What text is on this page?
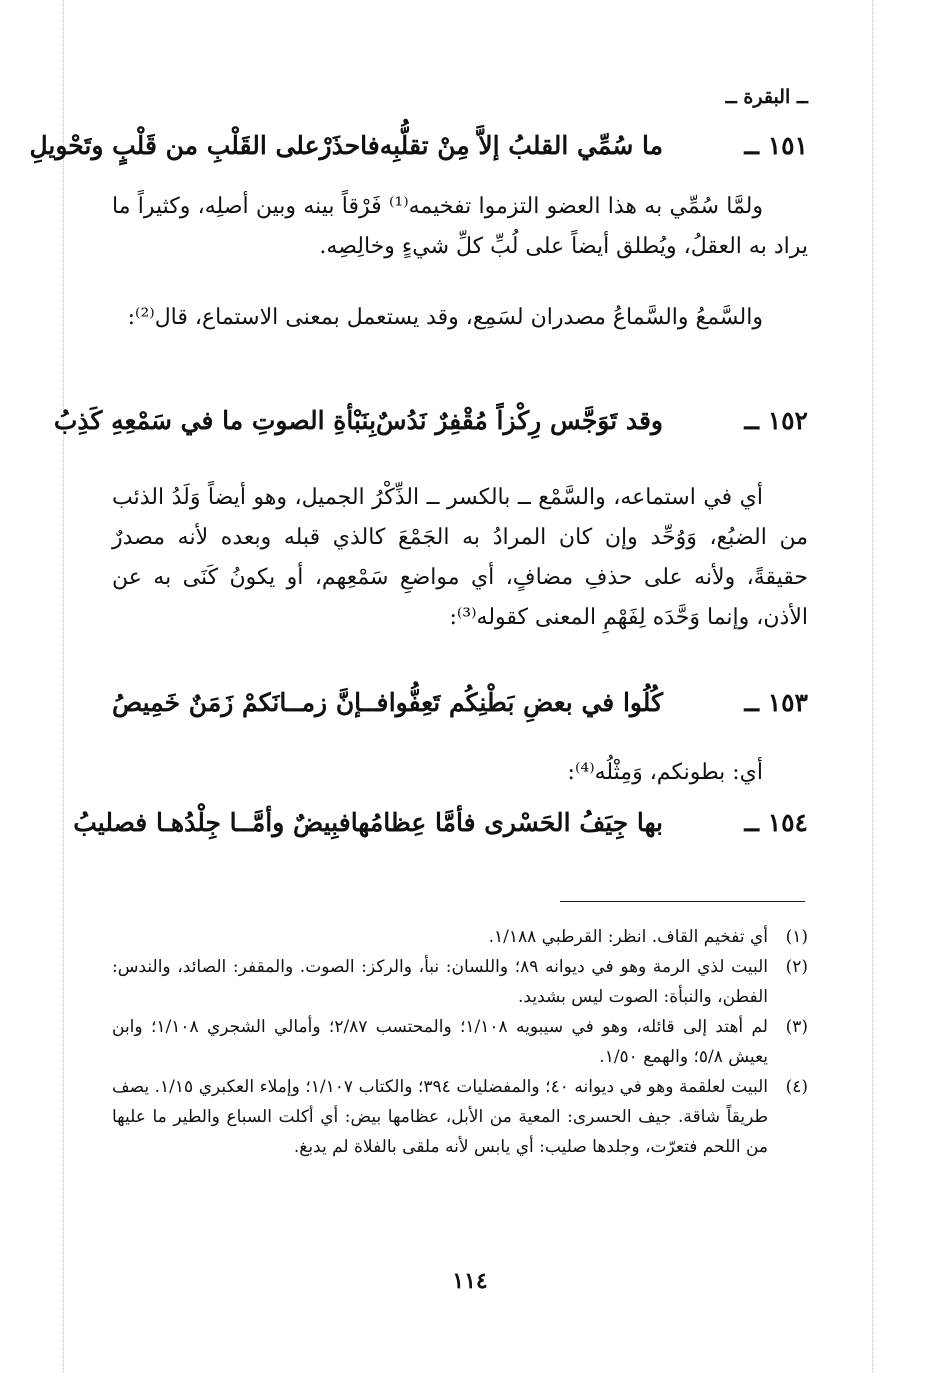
ــ البقرة ــ
١٥١ ــ
ما سُمِّي القلبُ إلاَّ مِنْ تقلُّبِه
فاحذَرْعلى القَلْبِ من قَلْبٍ وتَحْويلِ
ولمَّا سُمِّي به هذا العضو التزموا تفخيمه⁽¹⁾ فَرْقاً بينه وبين أصلِه، وكثيراً ما يراد به العقلُ، ويُطلق أيضاً على لُبِّ كلِّ شيءٍ وخالِصِه.
والسَّمعُ والسَّماعُ مصدران لسَمِع، وقد يستعمل بمعنى الاستماع، قال⁽²⁾:
١٥٢ ــ
وقد تَوَجَّس رِكْزاً مُقْفِرٌ نَدُسٌ
بِنَبْأةِ الصوتِ ما في سَمْعِهِ كَذِبُ
أي في استماعه، والسَّمْع ــ بالكسر ــ الذِّكْرُ الجميل، وهو أيضاً وَلَدُ الذئب من الضبُع، وَوُحِّد وإن كان المرادُ به الجَمْعَ كالذي قبله وبعده لأنه مصدرٌ حقيقةً، ولأنه على حذفِ مضافٍ، أي مواضعِ سَمْعِهم، أو يكونُ كَنَى به عن الأذن، وإنما وَحَّدَه لِفَهْمِ المعنى كقوله⁽³⁾:
١٥٣ ــ
كُلُوا في بعضِ بَطْنِكُم تَعِفُّوا
فــإنَّ زمــانَكمْ زَمَنٌ خَمِيصُ
أي: بطونكم، وَمِثْلُه⁽⁴⁾:
١٥٤ ــ
بها جِيَفُ الحَسْرى فأمَّا عِظامُها
فبِيضٌ وأمَّــا جِلْدُهـا فصليبُ
(١)
أي تفخيم القاف. انظر: القرطبي ١/١٨٨.
(٢)
البيت لذي الرمة وهو في ديوانه ٨٩؛ واللسان: نبأ، والركز: الصوت. والمقفر: الصائد، والندس: الفطن، والنبأة: الصوت ليس بشديد.
(٣)
لم أهتد إلى قائله، وهو في سيبويه ١/١٠٨؛ والمحتسب ٢/٨٧؛ وأمالي الشجري ١/١٠٨؛ وابن يعيش ٥/٨؛ والهمع ١/٥٠.
(٤)
البيت لعلقمة وهو في ديوانه ٤٠؛ والمفضليات ٣٩٤؛ والكتاب ١/١٠٧؛ وإملاء العكبري ١/١٥. يصف طريقاً شاقة. جيف الحسرى: المعية من الأبل، عظامها بيض: أي أكلت السباع والطير ما عليها من اللحم فتعرّت، وجلدها صليب: أي يابس لأنه ملقى بالفلاة لم يدبغ.
١١٤
